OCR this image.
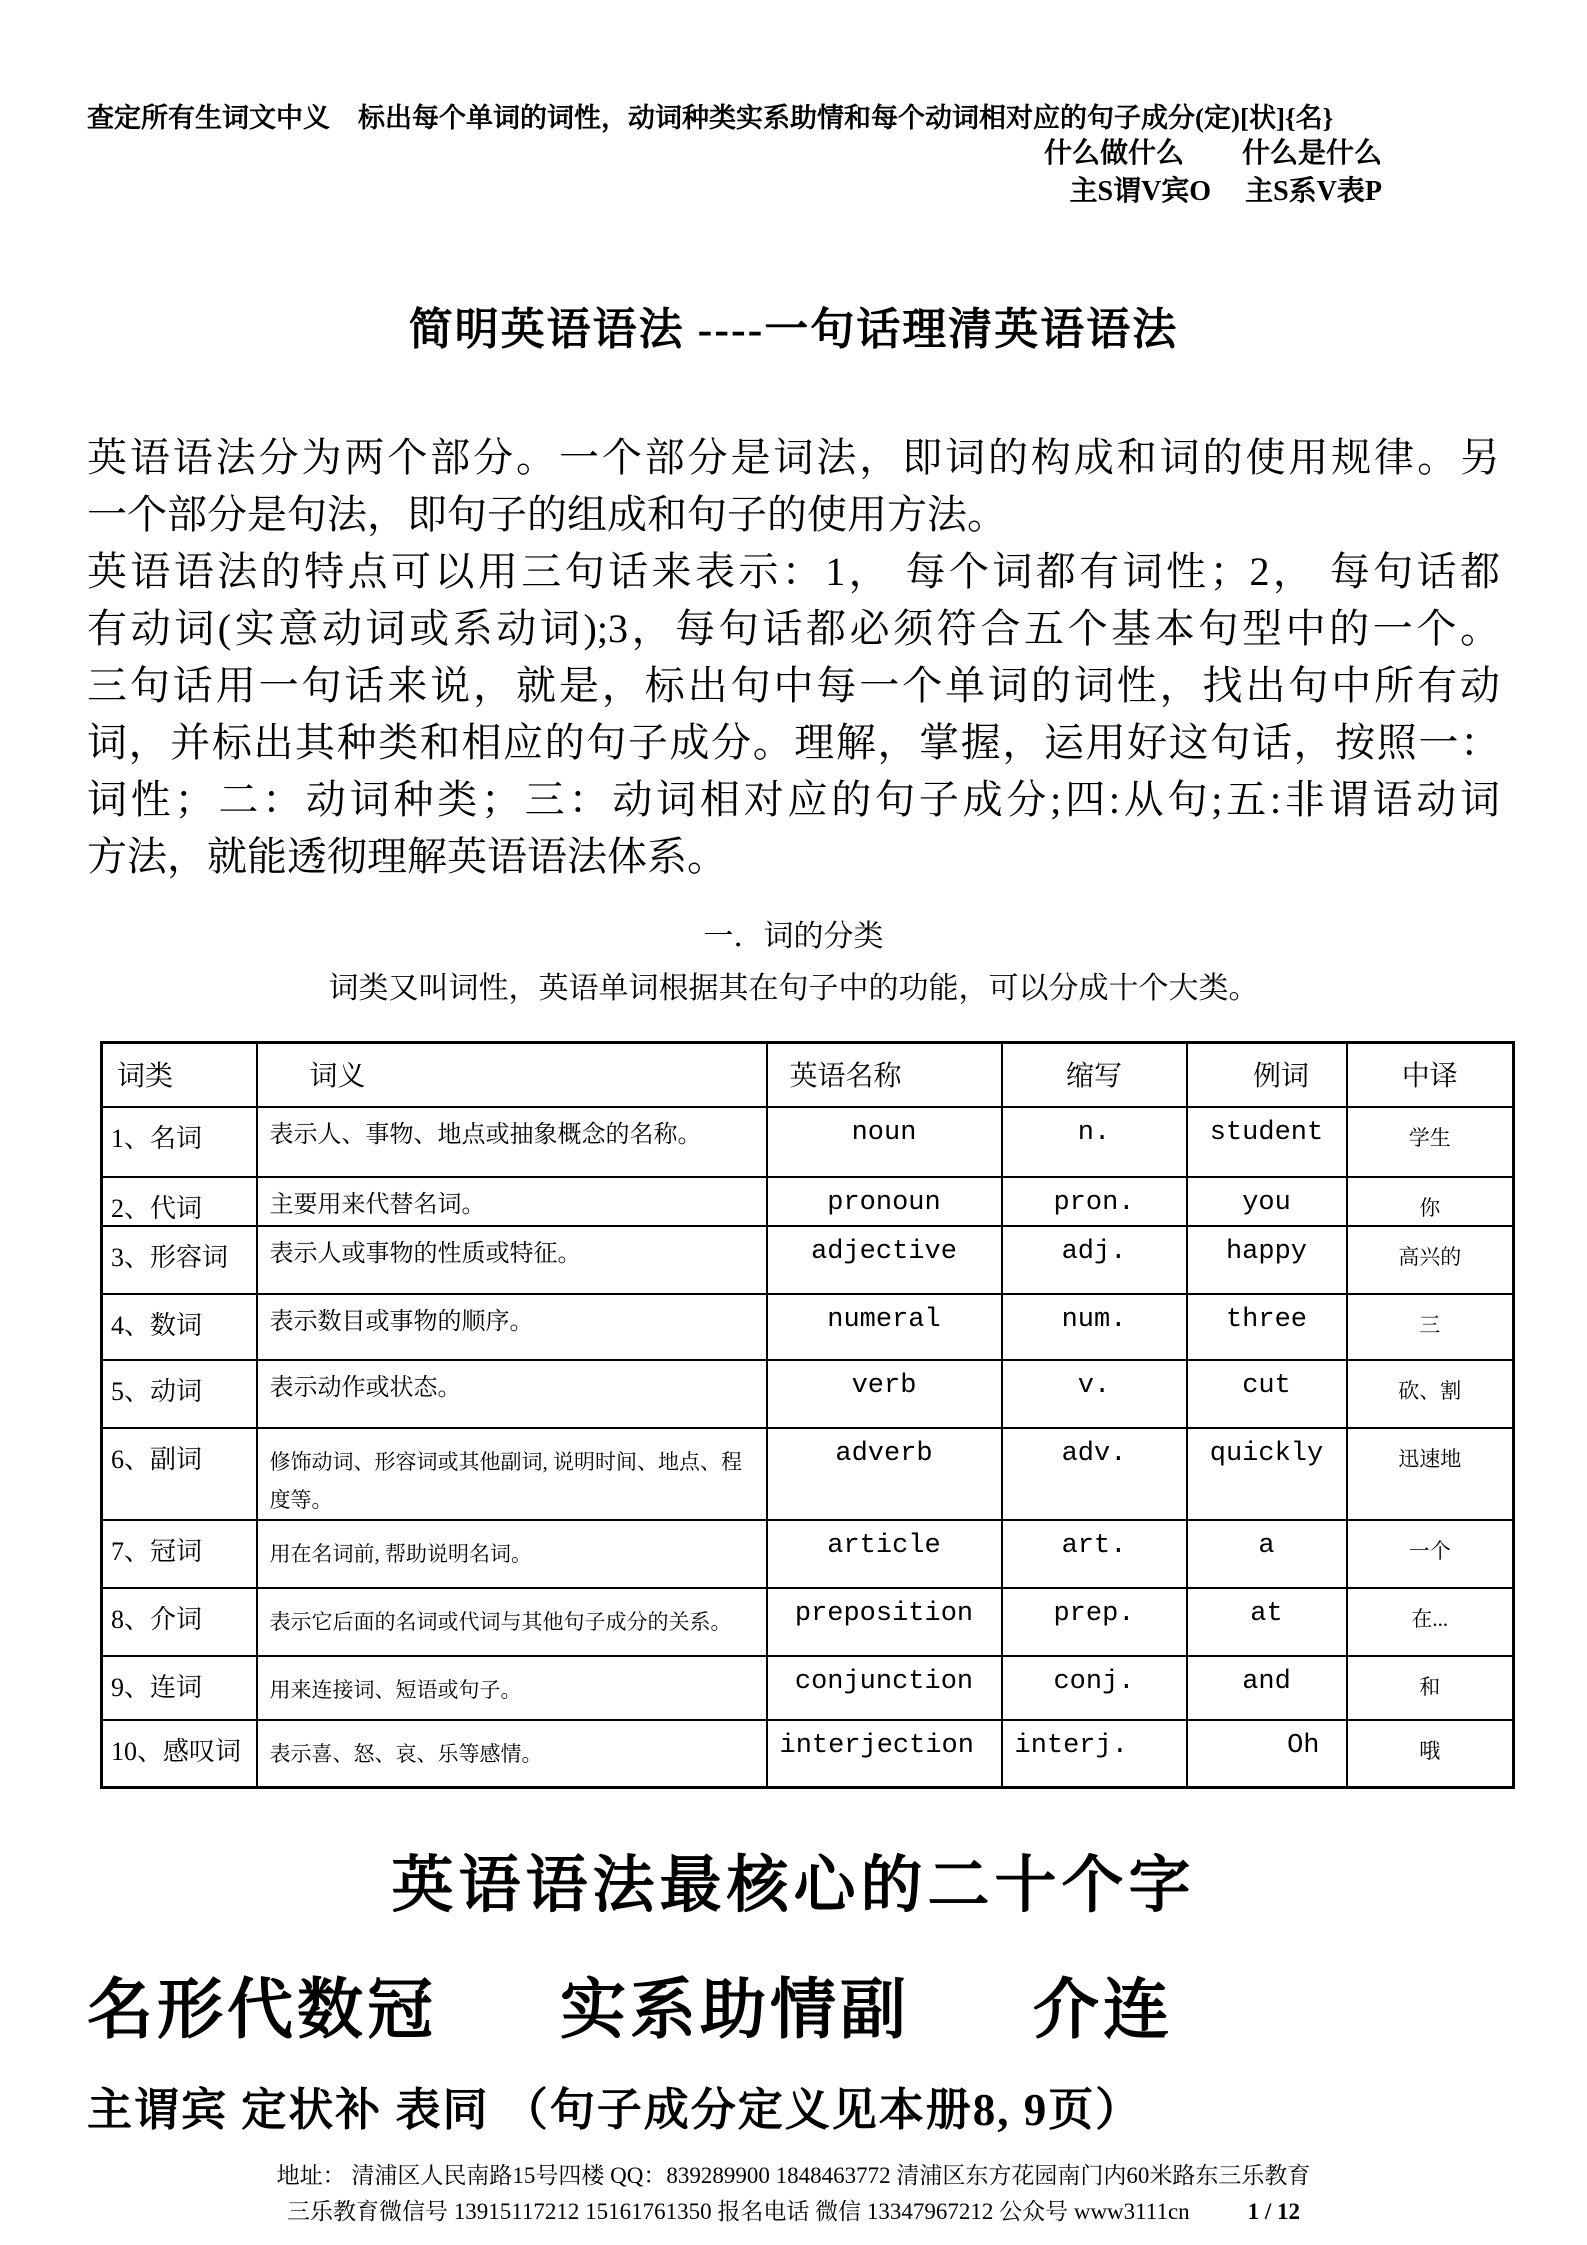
查定所有生词文中义 标出每个单词的词性，动词种类实系助情和每个动词相对应的句子成分(定)[状]{名}
什么做什么 什么是什么
主S谓V宾O 主S系V表P
简明英语语法 ----一句话理清英语语法
英语语法分为两个部分。一个部分是词法，即词的构成和词的使用规律。另
一个部分是句法，即句子的组成和句子的使用方法。
英语语法的特点可以用三句话来表示：1， 每个词都有词性；2， 每句话都
有动词(实意动词或系动词);3，每句话都必须符合五个基本句型中的一个。
三句话用一句话来说，就是，标出句中每一个单词的词性，找出句中所有动
词，并标出其种类和相应的句子成分。理解，掌握，运用好这句话，按照一：
词性；二：动词种类；三：动词相对应的句子成分;四:从句;五:非谓语动词
方法，就能透彻理解英语语法体系。
一．词的分类
词类又叫词性，英语单词根据其在句子中的功能，可以分成十个大类。
词类	词义	英语名称	缩写	例词	中译
1、名词	表示人、事物、地点或抽象概念的名称。	noun	n.	student	学生
2、代词	主要用来代替名词。	pronoun	pron.	you	你
3、形容词	表示人或事物的性质或特征。	adjective	adj.	happy	高兴的
4、数词	表示数目或事物的顺序。	numeral	num.	three	三
5、动词	表示动作或状态。	verb	v.	cut	砍、割
6、副词	修饰动词、形容词或其他副词, 说明时间、地点、程度等。	adverb	adv.	quickly	迅速地
7、冠词	用在名词前, 帮助说明名词。	article	art.	a	一个
8、介词	表示它后面的名词或代词与其他句子成分的关系。	preposition	prep.	at	在...
9、连词	用来连接词、短语或句子。	conjunction	conj.	and	和
10、感叹词	表示喜、怒、哀、乐等感情。	interjection	interj.	Oh	哦
英语语法最核心的二十个字
名形代数冠      实系助情副      介连
主谓宾 定状补 表同 （句子成分定义见本册8, 9页）
地址： 清浦区人民南路15号四楼 QQ：839289900 1848463772 清浦区东方花园南门内60米路东三乐教育
三乐教育微信号 13915117212 15161761350 报名电话 微信 13347967212 公众号 www3111cn	1 / 12
